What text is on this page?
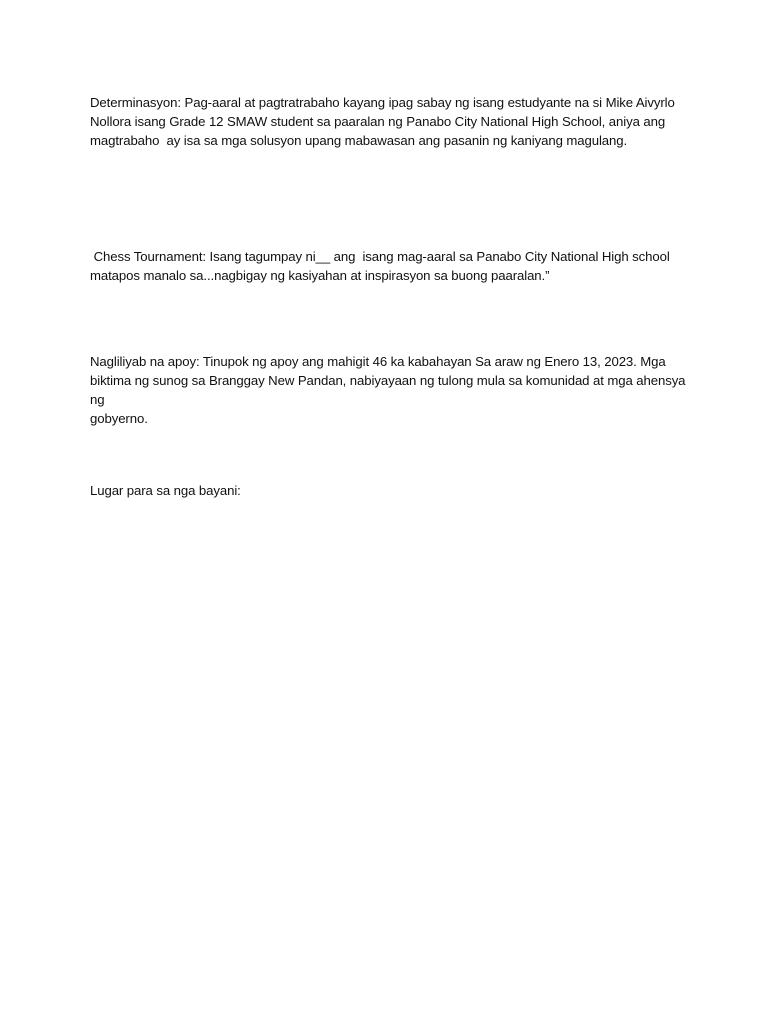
Determinasyon: Pag-aaral at pagtratrabaho kayang ipag sabay ng isang estudyante na si Mike Aivyrlo
Nollora isang Grade 12 SMAW student sa paaralan ng Panabo City National High School, aniya ang
magtrabaho  ay isa sa mga solusyon upang mabawasan ang pasanin ng kaniyang magulang.
Chess Tournament: Isang tagumpay ni__ ang  isang mag-aaral sa Panabo City National High school
matapos manalo sa...nagbigay ng kasiyahan at inspirasyon sa buong paaralan.”
Nagliliyab na apoy: Tinupok ng apoy ang mahigit 46 ka kabahayan Sa araw ng Enero 13, 2023. Mga
biktima ng sunog sa Branggay New Pandan, nabiyayaan ng tulong mula sa komunidad at mga ahensya ng
gobyerno.
Lugar para sa nga bayani:
